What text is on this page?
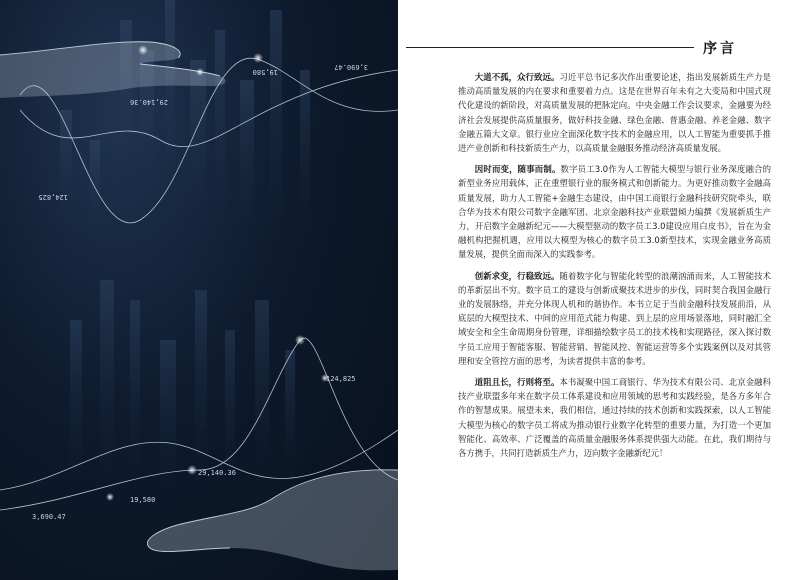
3,690.47
19,580
29,140.36
124,825
124,825
29,140.36
19,580
3,690.47
序言

大道不孤，众行致远。习近平总书记多次作出重要论述，指出发展新质生产力是推动高质量发展的内在要求和重要着力点。这是在世界百年未有之大变局和中国式现代化建设的新阶段，对高质量发展的把脉定向。中央金融工作会议要求，金融要为经济社会发展提供高质量服务，做好科技金融、绿色金融、普惠金融、养老金融、数字金融五篇大文章。银行业应全面深化数字技术的金融应用，以人工智能为重要抓手推进产业创新和科技新质生产力，以高质量金融服务推动经济高质量发展。

因时而变，随事而制。数字员工3.0作为人工智能大模型与银行业务深度融合的新型业务应用载体，正在重塑银行业的服务模式和创新能力。为更好推动数字金融高质量发展，助力人工智能+金融生态建设，由中国工商银行金融科技研究院牵头，联合华为技术有限公司数字金融军团、北京金融科技产业联盟倾力编撰《发展新质生产力，开启数字金融新纪元——大模型驱动的数字员工3.0建设应用白皮书》，旨在为金融机构把握机遇，应用以大模型为核心的数字员工3.0新型技术，实现金融业务高质量发展，提供全面而深入的实践参考。

创新求变，行稳致远。随着数字化与智能化转型的浪潮汹涌而来，人工智能技术的革新层出不穷。数字员工的建设与创新成聚技术进步的步伐，同时契合我国金融行业的发展脉络，并充分体现人机和的谐协作。本书立足于当前金融科技发展前沿，从底层的大模型技术、中间的应用范式能力构建、到上层的应用场景落地，同时融汇全域安全和全生命周期身份管理，详细描绘数字员工的技术栈和实现路径，深入探讨数字员工应用于智能客服、智能营销、智能风控、智能运营等多个实践案例以及对其管理和安全管控方面的思考，为读者提供丰富的参考。

道阻且长，行则将至。本书凝聚中国工商银行、华为技术有限公司、北京金融科技产业联盟多年来在数字员工体系建设和应用领域的思考和实践经验，是各方多年合作的智慧成果。展望未来，我们相信，通过持续的技术创新和实践探索，以人工智能大模型为核心的数字员工将成为推动银行业数字化转型的重要力量，为打造一个更加智能化、高效率、广泛覆盖的高质量金融服务体系提供强大动能。在此，我们期待与各方携手，共同打造新质生产力，迈向数字金融新纪元！
